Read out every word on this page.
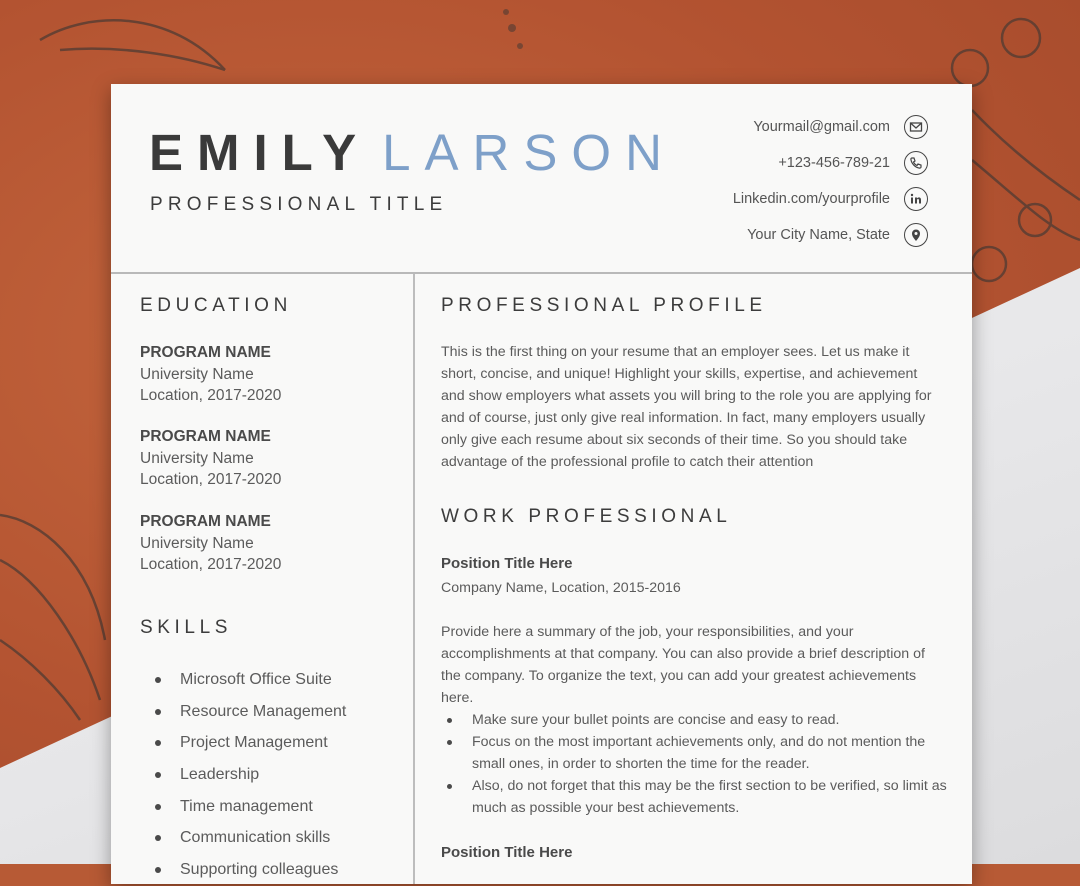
EMILY LARSON
PROFESSIONAL TITLE
Yourmail@gmail.com
+123-456-789-21
Linkedin.com/yourprofile
Your City Name, State
EDUCATION
PROGRAM NAME
University Name
Location, 2017-2020
PROGRAM NAME
University Name
Location, 2017-2020
PROGRAM NAME
University Name
Location, 2017-2020
SKILLS
Microsoft Office Suite
Resource Management
Project Management
Leadership
Time management
Communication skills
Supporting colleagues
PROFESSIONAL PROFILE
This is the first thing on your resume that an employer sees. Let us make it short, concise, and unique! Highlight your skills, expertise, and achievement and show employers what assets you will bring to the role you are applying for and of course, just only give real information. In fact, many employers usually only give each resume about six seconds of their time. So you should take advantage of the professional profile to catch their attention
WORK PROFESSIONAL
Position Title Here
Company Name, Location, 2015-2016
Provide here a summary of the job, your responsibilities, and your accomplishments at that company. You can also provide a brief description of the company. To organize the text, you can add your greatest achievements here.
Make sure your bullet points are concise and easy to read.
Focus on the most important achievements only, and do not mention the small ones, in order to shorten the time for the reader.
Also, do not forget that this may be the first section to be verified, so limit as much as possible your best achievements.
Position Title Here
